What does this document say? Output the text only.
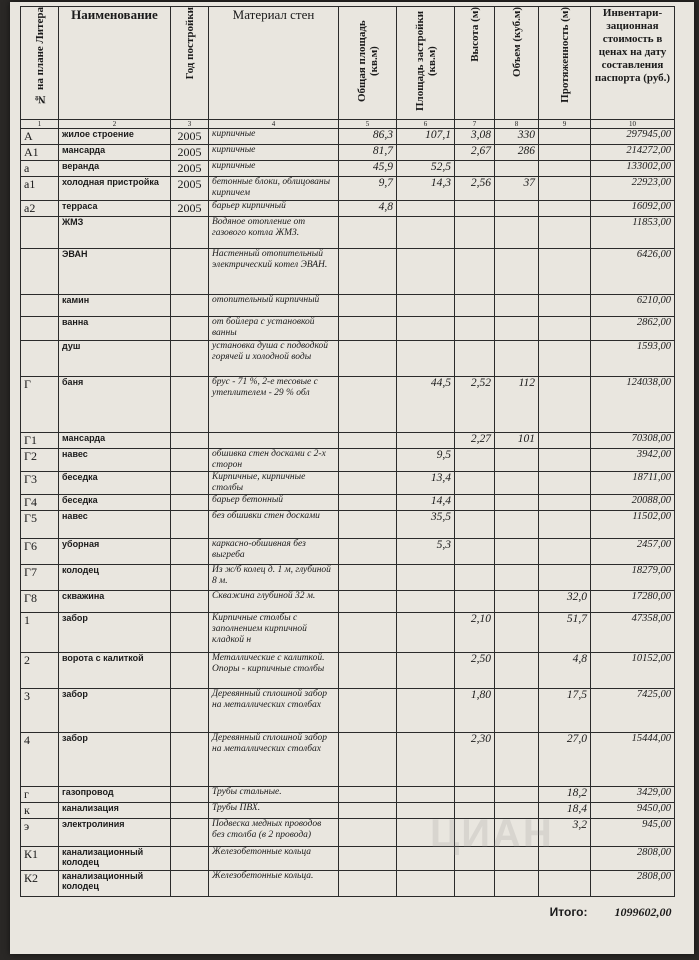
№ на плане Литера	Наименование	Год постройки	Материал стен	Общая площадь (кв.м)	Площадь застройки (кв.м)	Высота (м)	Объем (куб.м)	Протяженность (м)	Инвентари-зационная стоимость в ценах на дату составления паспорта (руб.)
1	2	3	4	5	6	7	8	9	10
А	жилое строение	2005	кирпичные	86,3	107,1	3,08	330		297945,00
А1	мансарда	2005	кирпичные	81,7		2,67	286		214272,00
а	веранда	2005	кирпичные	45,9	52,5				133002,00
а1	холодная пристройка	2005	бетонные блоки, облицованы кирпичем	9,7	14,3	2,56	37		22923,00
а2	терраса	2005	барьер кирпичный	4,8					16092,00
	ЖМЗ		Водяное отопление от газового котла ЖМЗ.						11853,00
	ЭВАН		Настенный отопительный электрический котел ЭВАН.						6426,00
	камин		отопительный кирпичный						6210,00
	ванна		от бойлера с установкой ванны						2862,00
	душ		установка душа с подводкой горячей и холодной воды						1593,00
Г	баня		брус - 71 %, 2-е тесовые с утеплителем - 29 % обл		44,5	2,52	112		124038,00
Г1	мансарда					2,27	101		70308,00
Г2	навес		обшивка стен досками с 2-х сторон		9,5				3942,00
Г3	беседка		Кирпичные, кирпичные столбы		13,4				18711,00
Г4	беседка		барьер бетонный		14,4				20088,00
Г5	навес		без обшивки стен досками		35,5				11502,00
Г6	уборная		каркасно-обшивная без выгреба		5,3				2457,00
Г7	колодец		Из ж/б колец д. 1 м, глубиной 8 м.						18279,00
Г8	скважина		Скважина глубиной 32 м.					32,0	17280,00
1	забор		Кирпичные столбы с заполнением кирпичной кладкой н			2,10		51,7	47358,00
2	ворота с калиткой		Металлические с калиткой. Опоры - кирпичные столбы			2,50		4,8	10152,00
3	забор		Деревянный сплошной забор на металлических столбах			1,80		17,5	7425,00
4	забор		Деревянный сплошной забор на металлических столбах			2,30		27,0	15444,00
г	газопровод		Трубы стальные.					18,2	3429,00
к	канализация		Трубы ПВХ.					18,4	9450,00
э	электролиния		Подвеска медных проводов без столба (в 2 провода)					3,2	945,00
К1	канализационный колодец		Железобетонные кольца						2808,00
К2	канализационный колодец		Железобетонные кольца.						2808,00
								Итого:	1099602,00
ЦИАН
